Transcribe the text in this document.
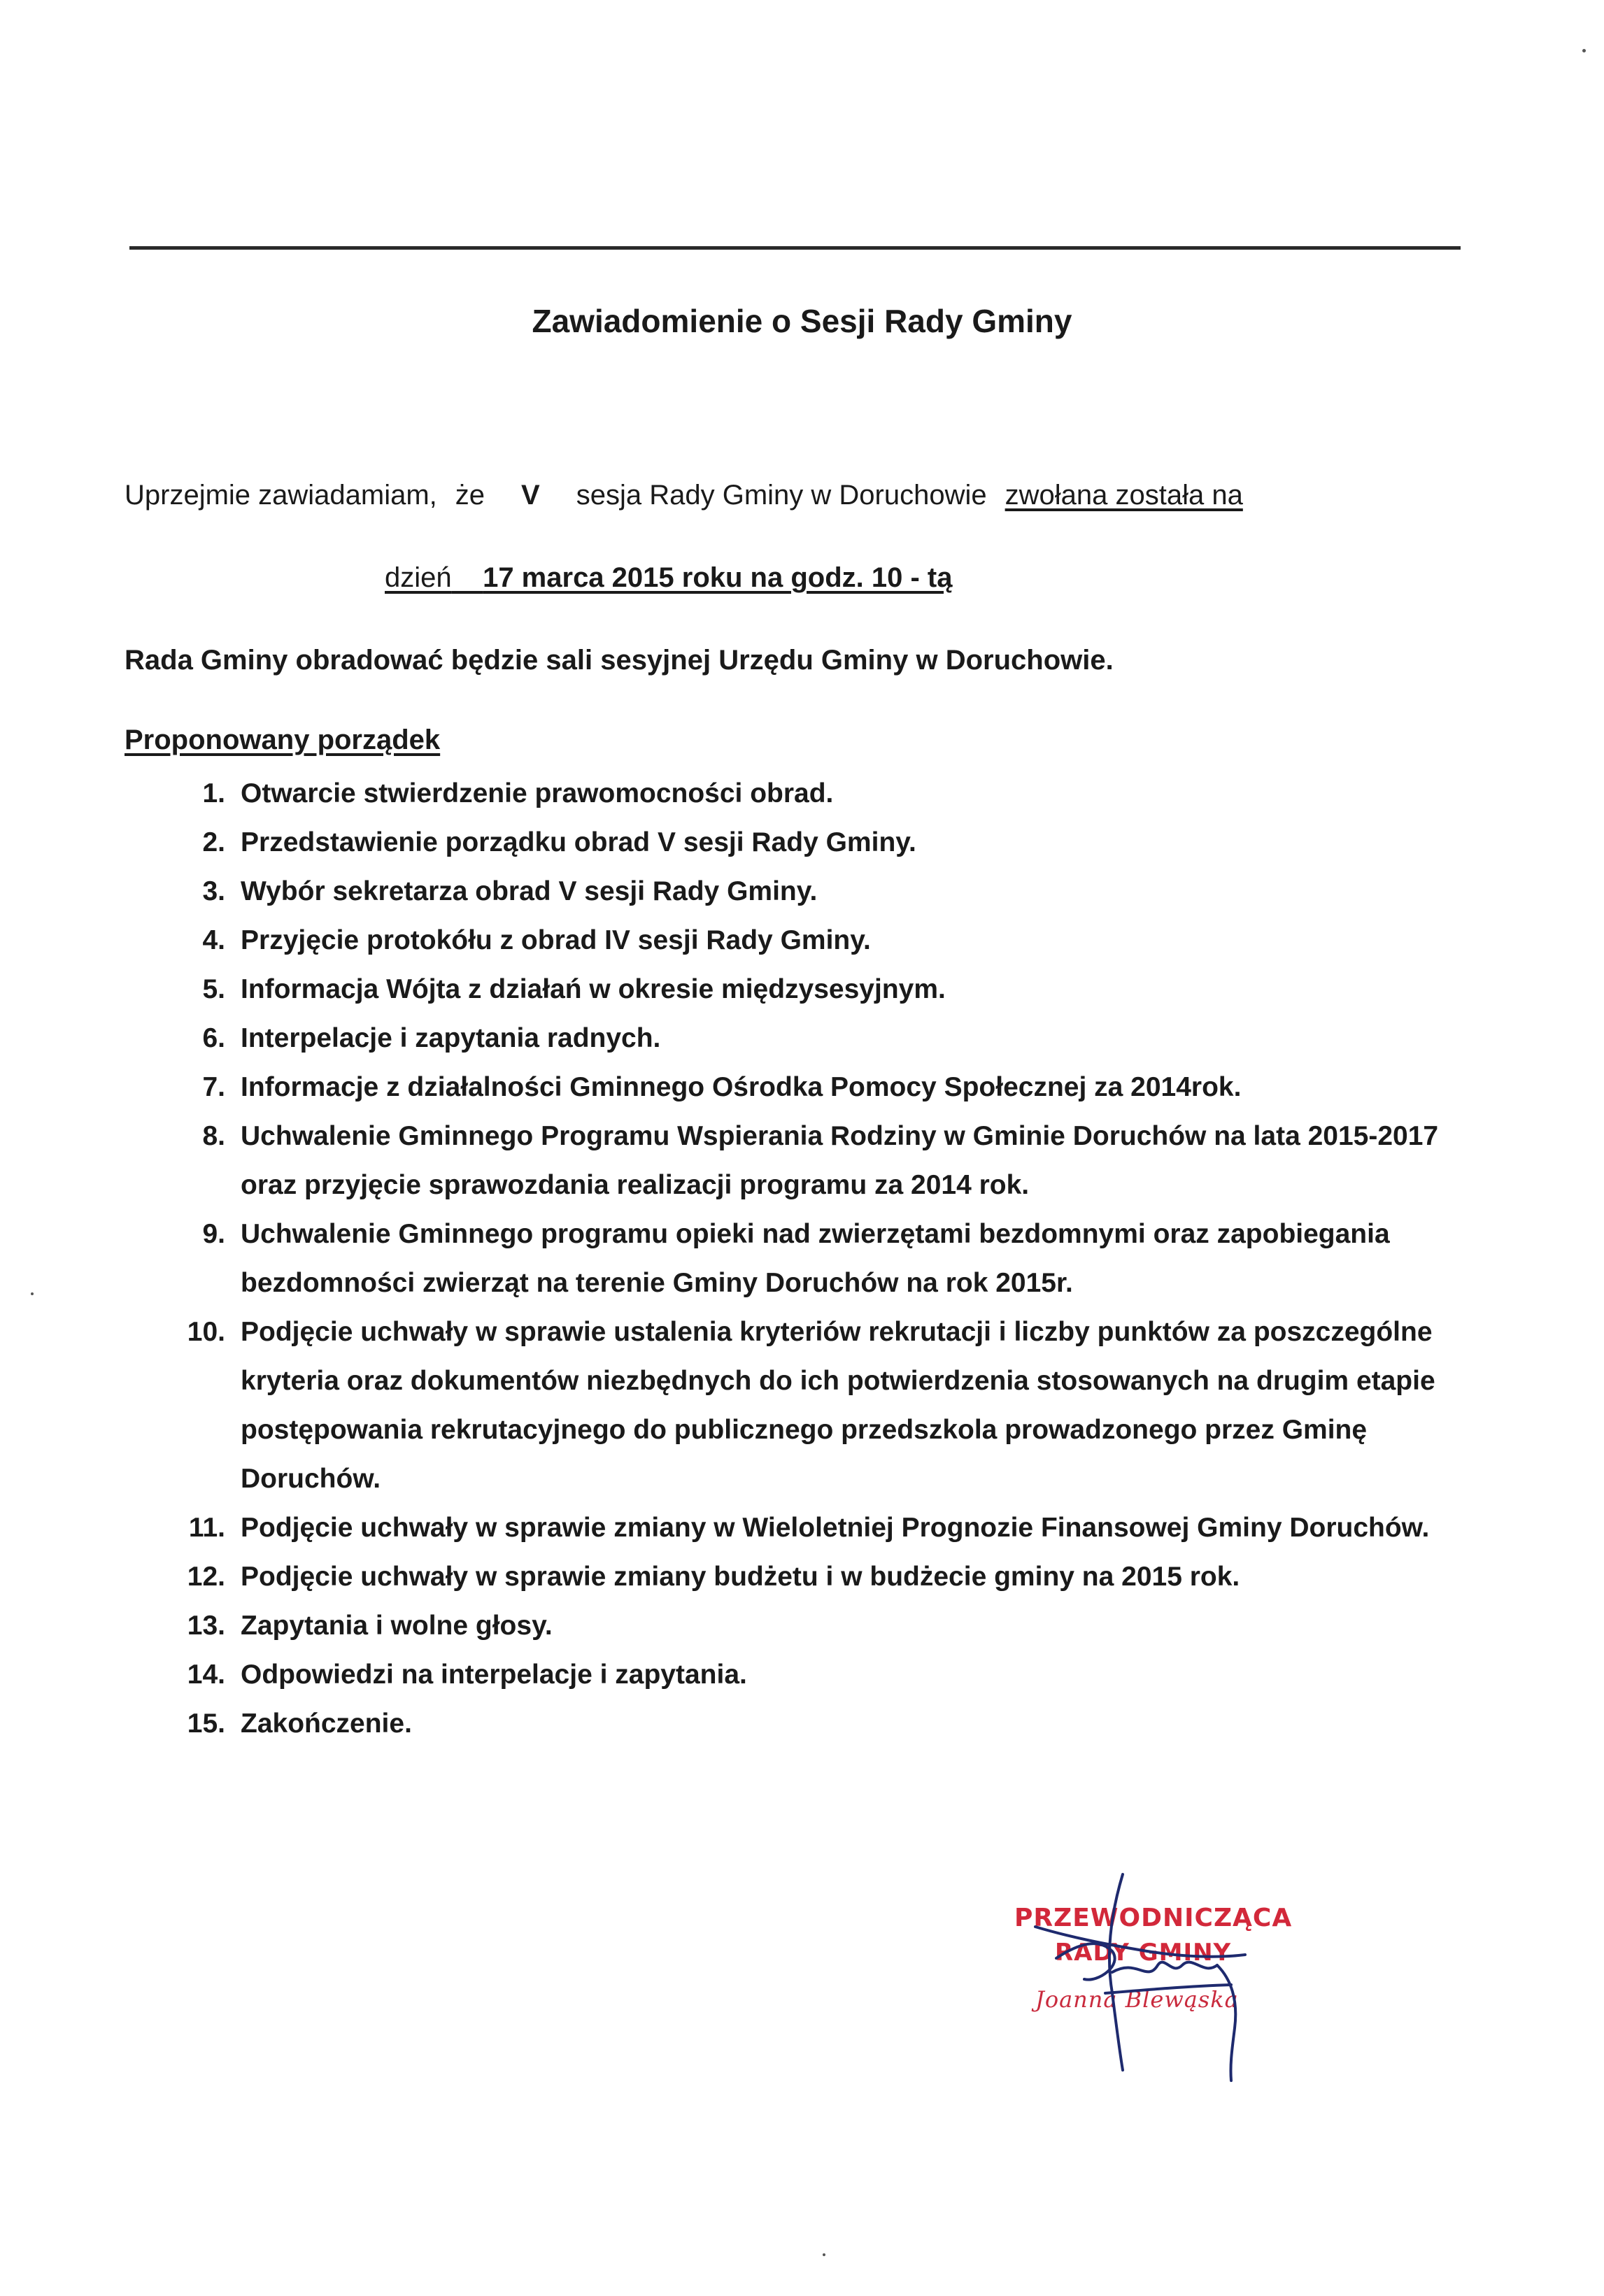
Zawiadomienie o Sesji Rady Gminy
Uprzejmie zawiadamiam, że V sesja Rady Gminy w Doruchowie zwołana została na
dzień 17 marca 2015 roku na godz. 10 - tą
Rada Gminy obradować będzie sali sesyjnej Urzędu Gminy w Doruchowie.
Proponowany porządek
1. Otwarcie stwierdzenie prawomocności obrad.
2. Przedstawienie porządku obrad V sesji Rady Gminy.
3. Wybór sekretarza obrad V sesji Rady Gminy.
4. Przyjęcie protokółu z obrad IV sesji Rady Gminy.
5. Informacja Wójta z działań w okresie międzysesyjnym.
6. Interpelacje i zapytania radnych.
7. Informacje z działalności Gminnego Ośrodka Pomocy Społecznej za 2014rok.
8. Uchwalenie Gminnego Programu Wspierania Rodziny w Gminie Doruchów na lata 2015-2017 oraz przyjęcie sprawozdania realizacji programu za 2014 rok.
9. Uchwalenie Gminnego programu opieki nad zwierzętami bezdomnymi oraz zapobiegania bezdomności zwierząt na terenie Gminy Doruchów na rok 2015r.
10. Podjęcie uchwały w sprawie ustalenia kryteriów rekrutacji i liczby punktów za poszczególne kryteria oraz dokumentów niezbędnych do ich potwierdzenia stosowanych na drugim etapie postępowania rekrutacyjnego do publicznego przedszkola prowadzonego przez Gminę Doruchów.
11. Podjęcie uchwały w sprawie zmiany w Wieloletniej Prognozie Finansowej Gminy Doruchów.
12. Podjęcie uchwały w sprawie zmiany budżetu i w budżecie gminy na 2015 rok.
13. Zapytania i wolne głosy.
14. Odpowiedzi na interpelacje i zapytania.
15. Zakończenie.
PRZEWODNICZĄCA
RADY GMINY
Joanna Blewąska
